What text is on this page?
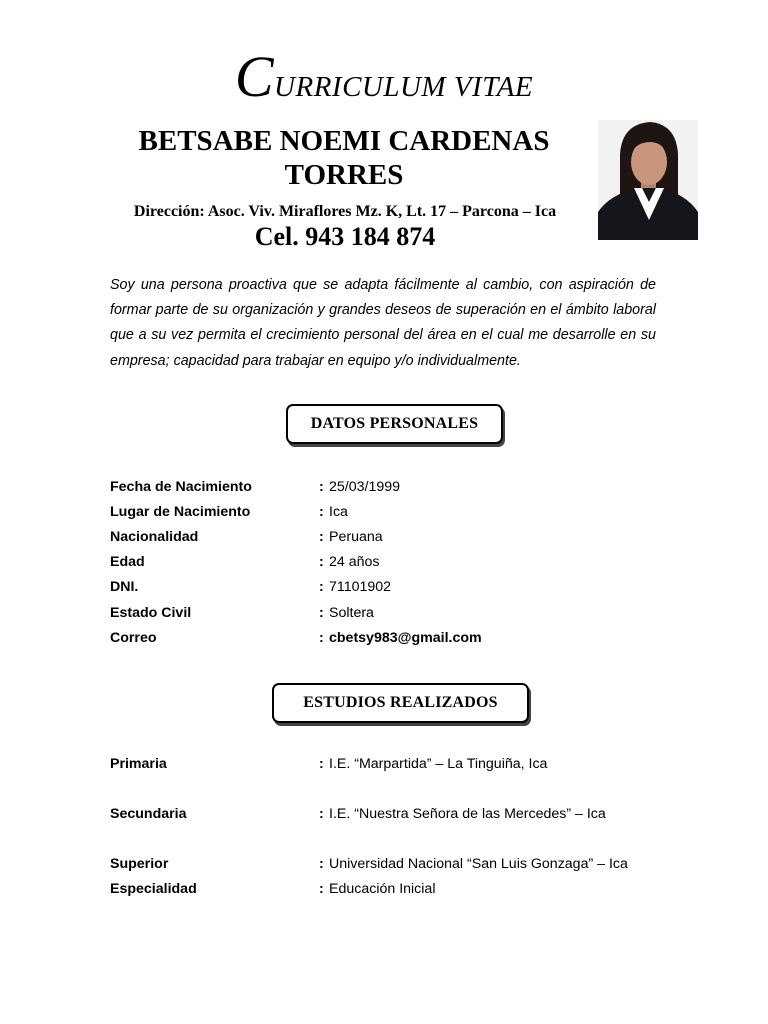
CURRICULUM VITAE
BETSABE NOEMI CARDENAS
TORRES
Dirección: Asoc. Viv. Miraflores Mz. K, Lt. 17 – Parcona – Ica
Cel. 943 184 874
Soy una persona proactiva que se adapta fácilmente al cambio, con aspiración de formar parte de su organización y grandes deseos de superación en el ámbito laboral que a su vez permita el crecimiento personal del área en el cual me desarrolle en su empresa; capacidad para trabajar en equipo y/o individualmente.
DATOS PERSONALES
Fecha de Nacimiento	: 25/03/1999
Lugar de Nacimiento	: Ica
Nacionalidad	: Peruana
Edad	: 24 años
DNI.	: 71101902
Estado Civil	: Soltera
Correo	: cbetsy983@gmail.com
ESTUDIOS REALIZADOS
Primaria	: I.E. “Marpartida” – La Tinguiña, Ica
Secundaria	: I.E. “Nuestra Señora de las Mercedes” – Ica
Superior	: Universidad Nacional “San Luis Gonzaga” – Ica
Especialidad	: Educación Inicial
